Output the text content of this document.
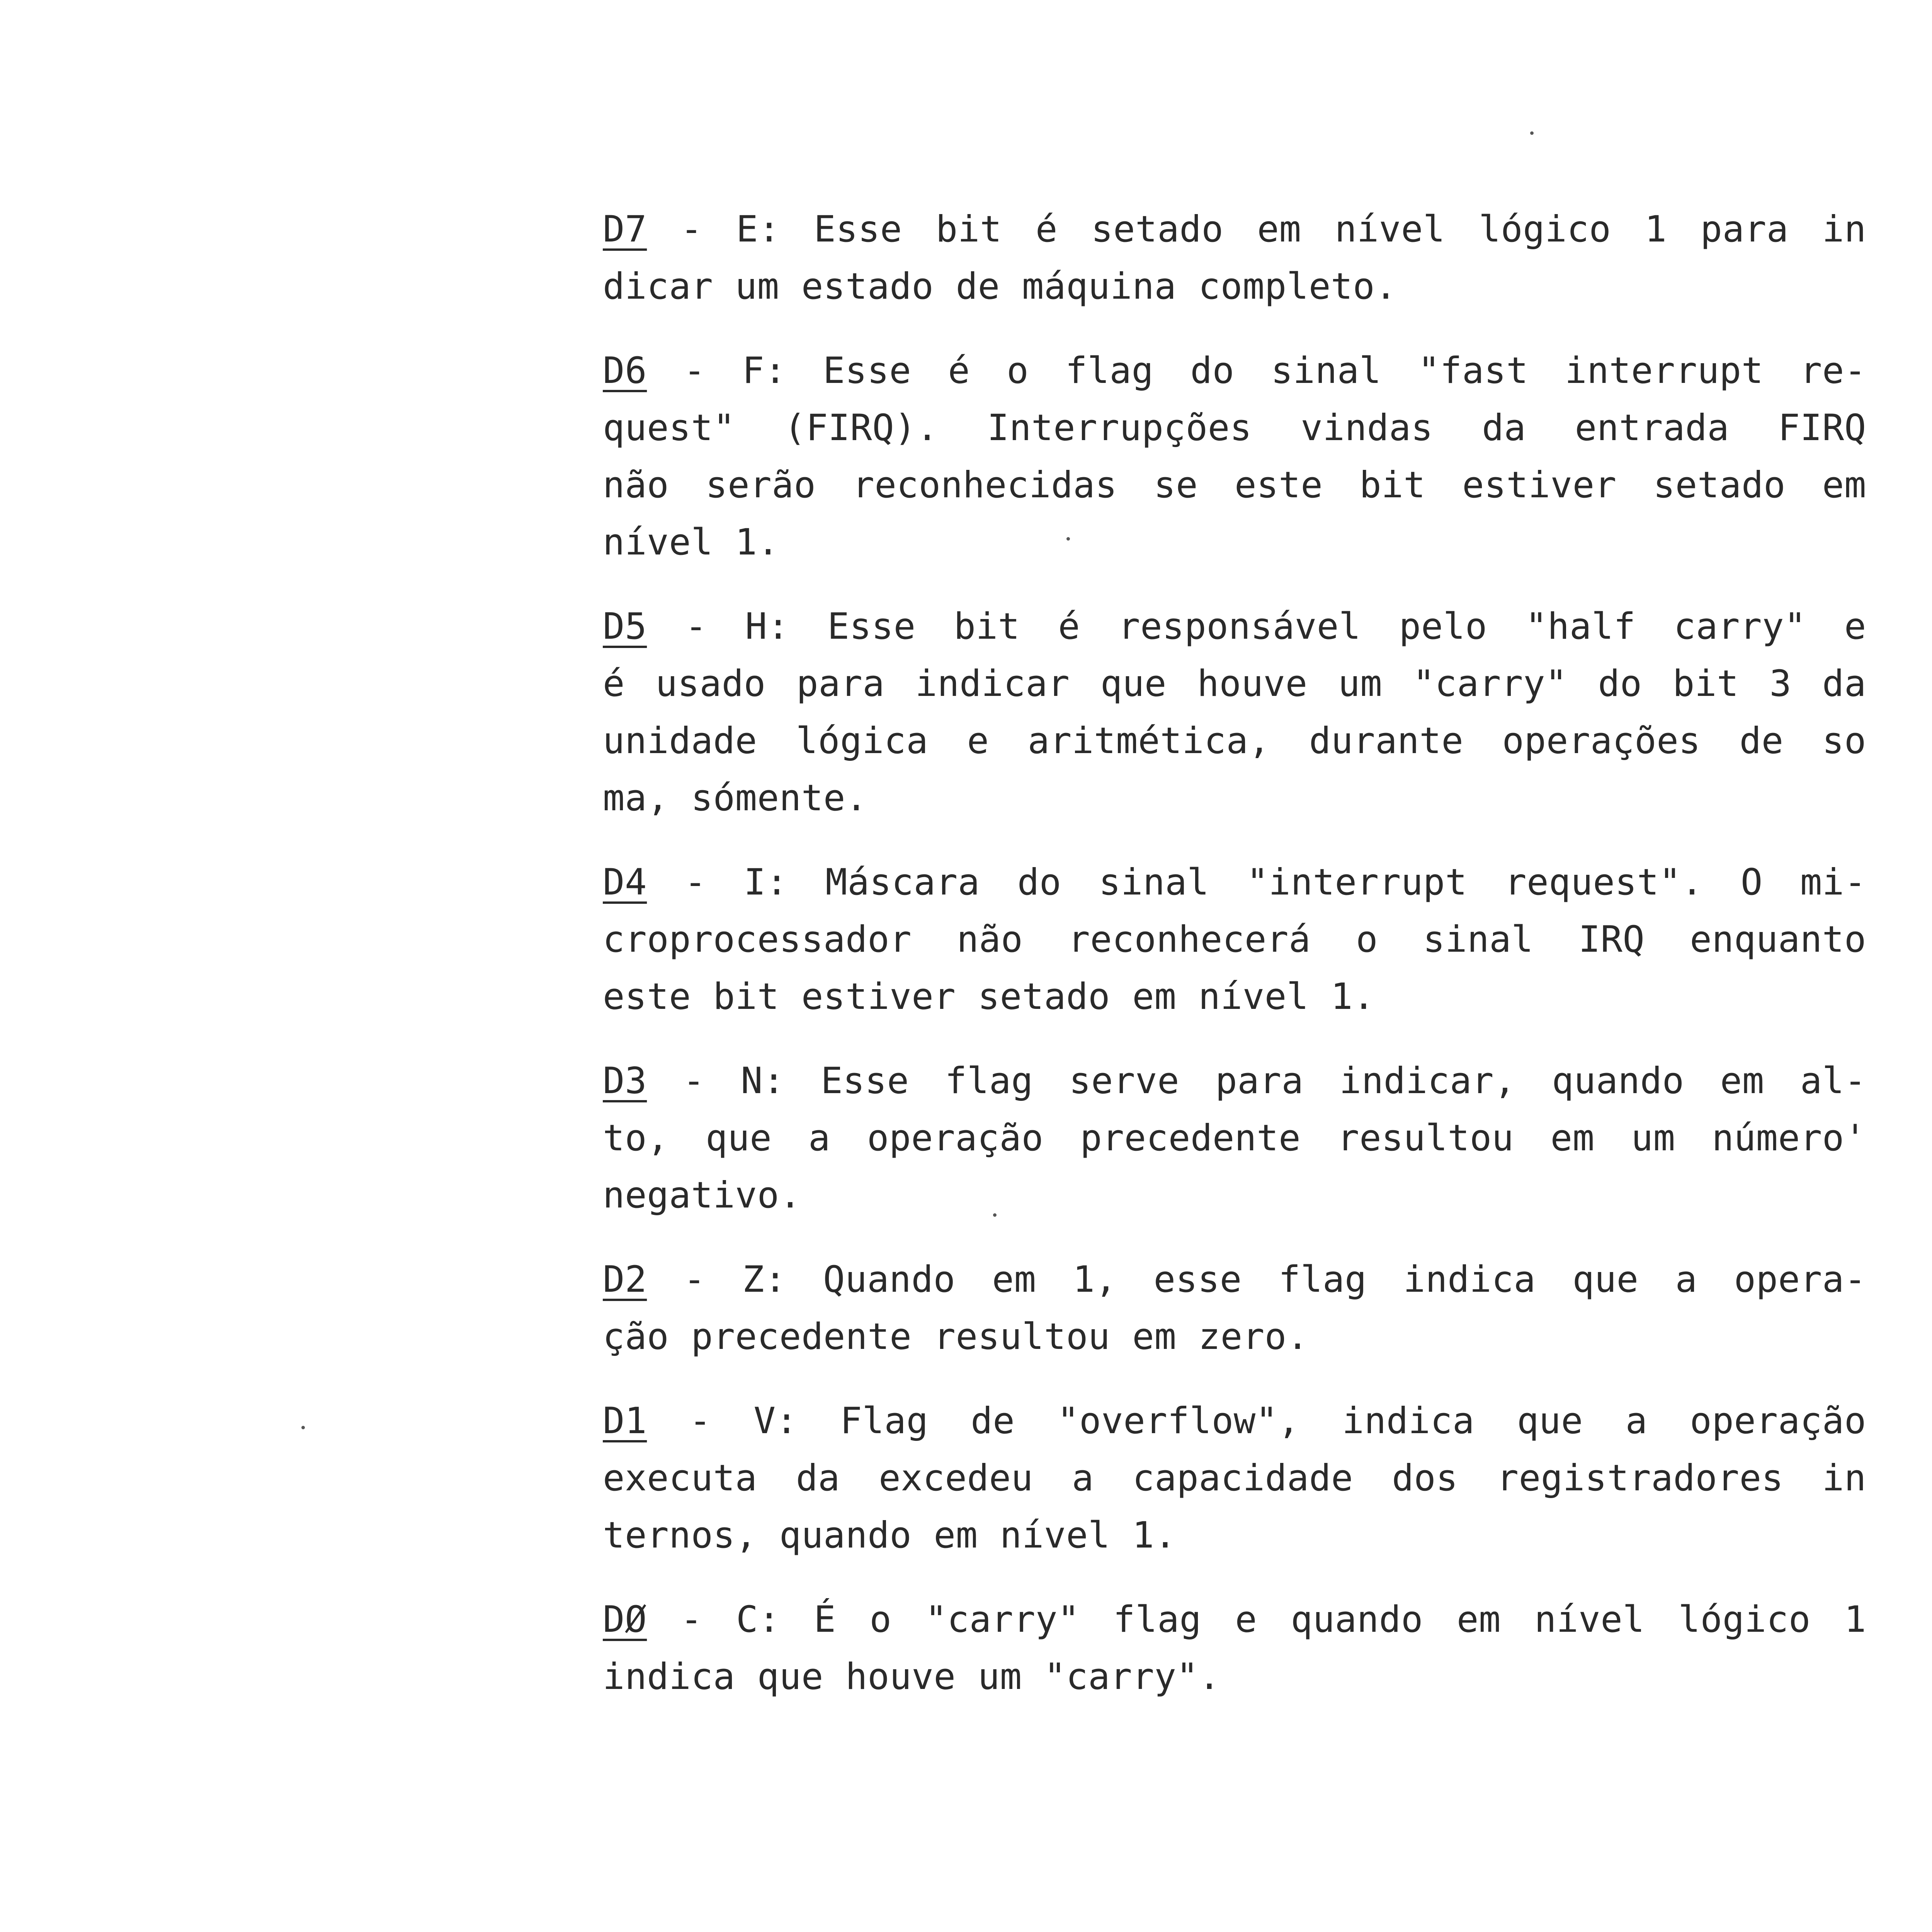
D7 - E: Esse bit é setado em nível lógico 1 para in
dicar um estado de máquina completo.
D6 - F: Esse é o flag do sinal "fast interrupt re-
quest" (FIRQ). Interrupções vindas da entrada FIRQ
não serão reconhecidas se este bit estiver setado em
nível 1.
D5 - H: Esse bit é responsável pelo "half carry" e
é usado para indicar que houve um "carry" do bit 3 da
unidade lógica e aritmética, durante operações de so
ma, sómente.
D4 - I: Máscara do sinal "interrupt request". O mi-
croprocessador não reconhecerá o sinal IRQ enquanto
este bit estiver setado em nível 1.
D3 - N: Esse flag serve para indicar, quando em al-
to, que a operação precedente resultou em um número'
negativo.
D2 - Z: Quando em 1, esse flag indica que a opera-
ção precedente resultou em zero.
D1 - V: Flag de "overflow", indica que a operação
executa da excedeu a capacidade dos registradores in
ternos, quando em nível 1.
DØ - C: É o "carry" flag e quando em nível lógico 1
indica que houve um "carry".
